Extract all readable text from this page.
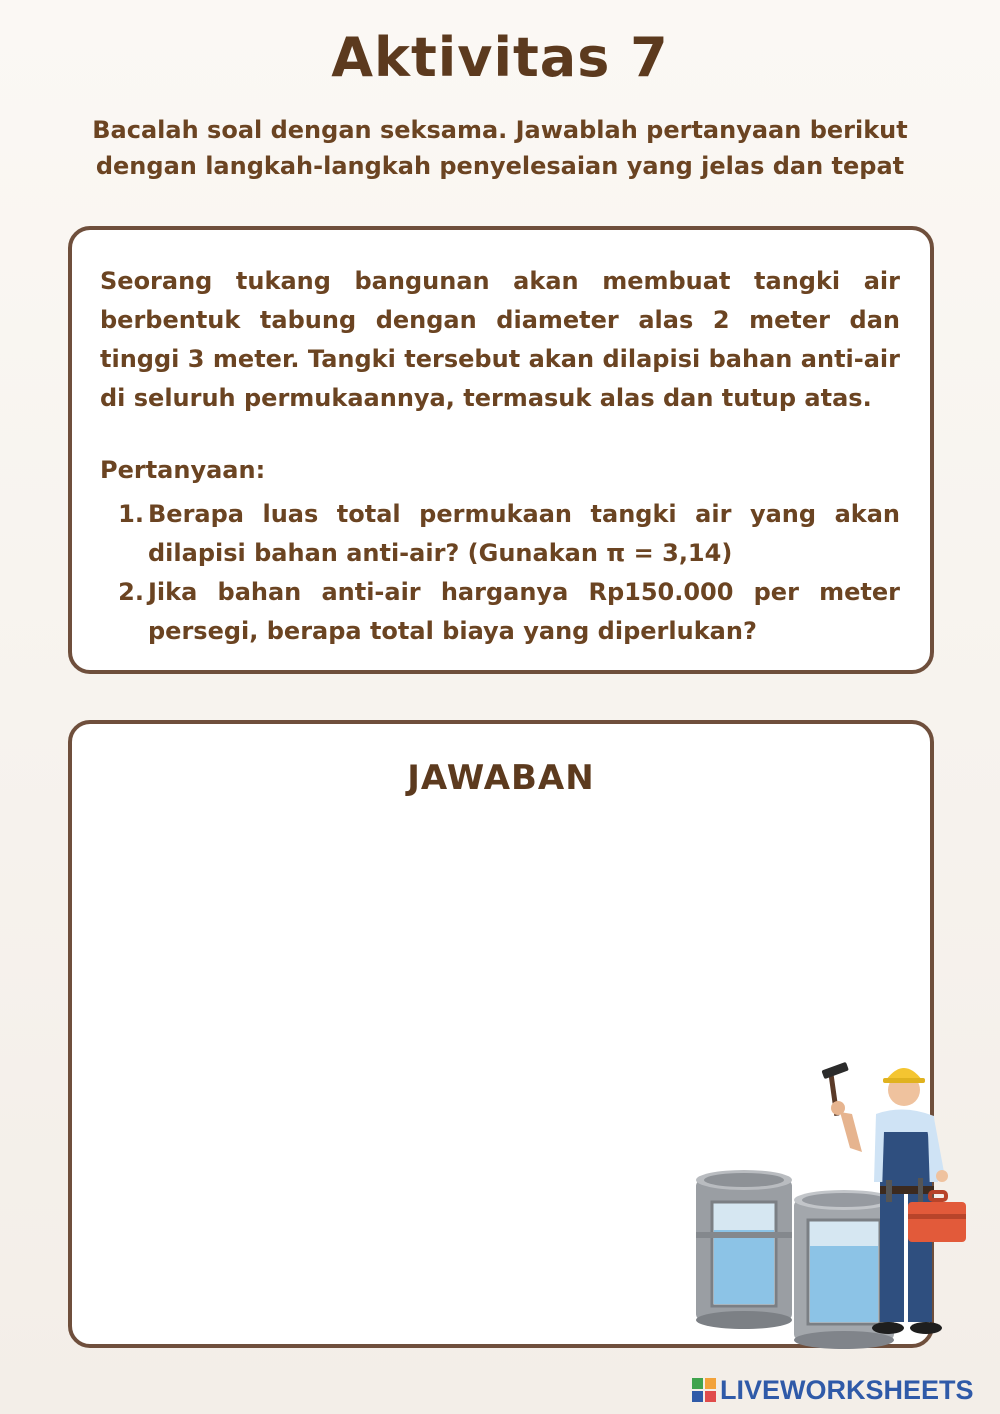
Aktivitas 7

Bacalah soal dengan seksama. Jawablah pertanyaan berikut dengan langkah-langkah penyelesaian yang jelas dan tepat

Seorang tukang bangunan akan membuat tangki air berbentuk tabung dengan diameter alas 2 meter dan tinggi 3 meter. Tangki tersebut akan dilapisi bahan anti-air di seluruh permukaannya, termasuk alas dan tutup atas.

Pertanyaan:

1. Berapa luas total permukaan tangki air yang akan dilapisi bahan anti-air? (Gunakan π = 3,14)
2. Jika bahan anti-air harganya Rp150.000 per meter persegi, berapa total biaya yang diperlukan?
JAWABAN
LIVEWORKSHEETS
